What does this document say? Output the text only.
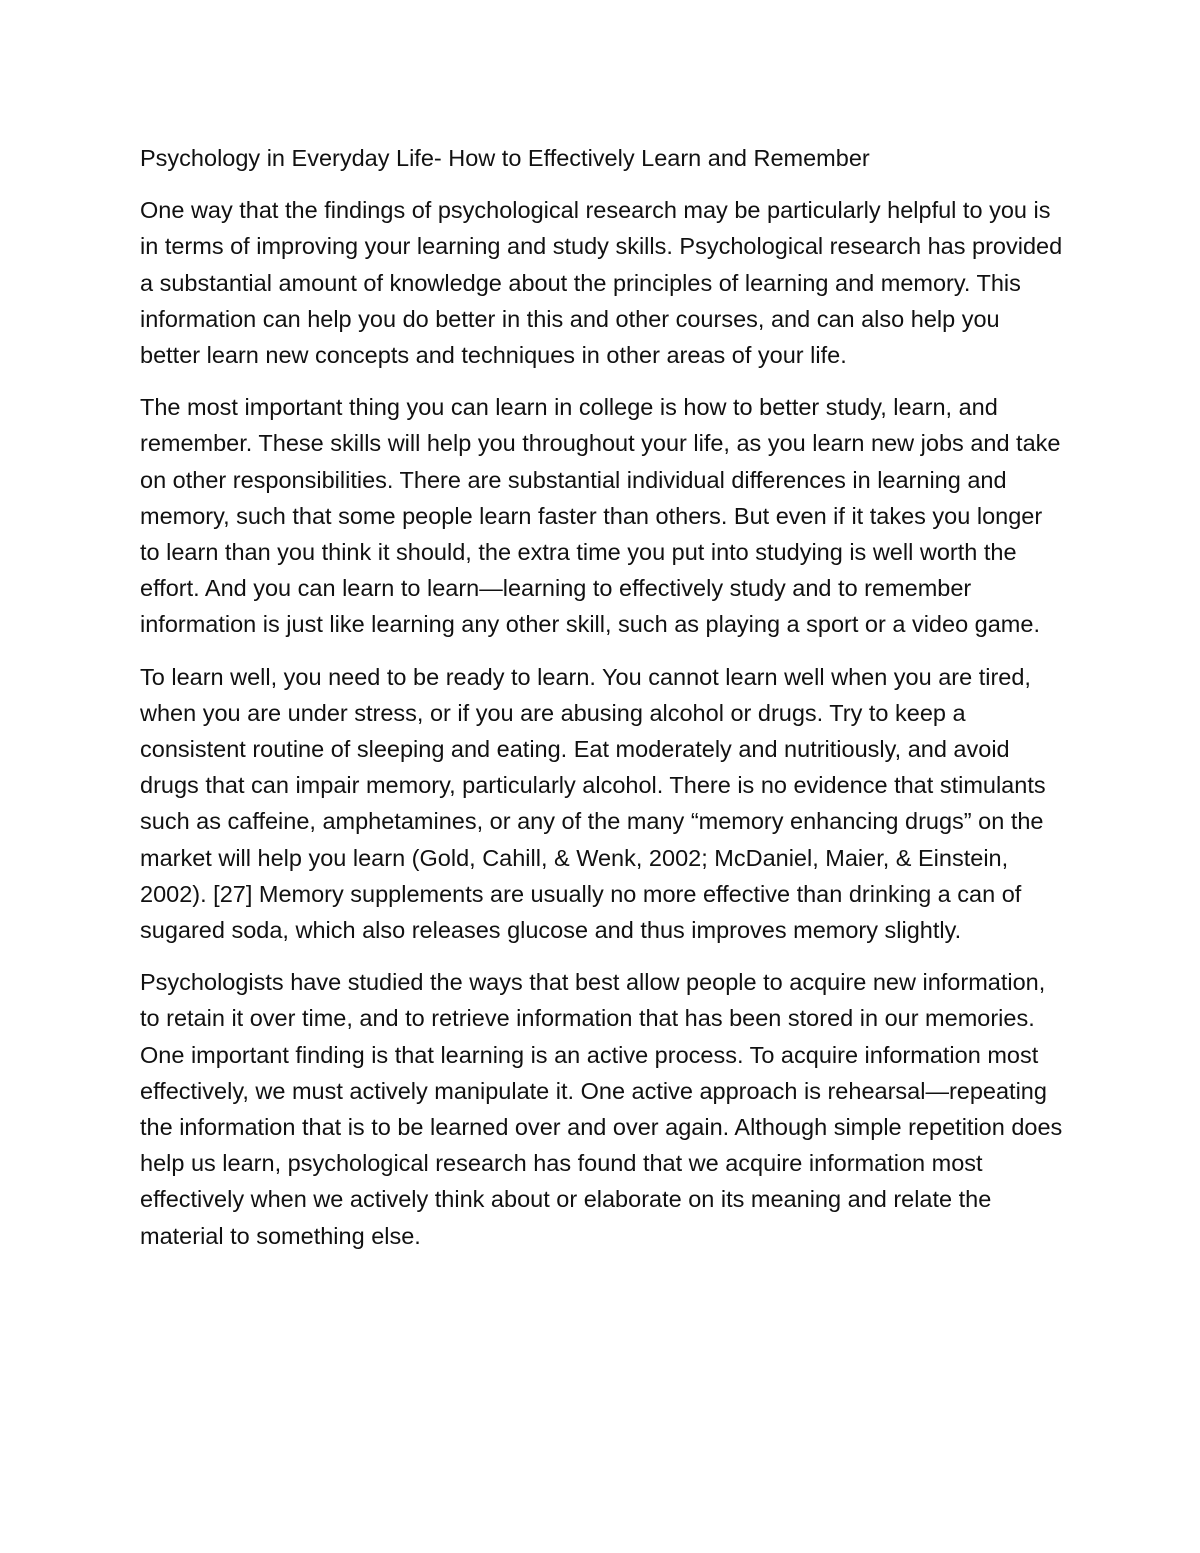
Psychology in Everyday Life- How to Effectively Learn and Remember

One way that the findings of psychological research may be particularly helpful to you is in terms of improving your learning and study skills. Psychological research has provided a substantial amount of knowledge about the principles of learning and memory. This information can help you do better in this and other courses, and can also help you better learn new concepts and techniques in other areas of your life.

The most important thing you can learn in college is how to better study, learn, and remember. These skills will help you throughout your life, as you learn new jobs and take on other responsibilities. There are substantial individual differences in learning and memory, such that some people learn faster than others. But even if it takes you longer to learn than you think it should, the extra time you put into studying is well worth the effort. And you can learn to learn—learning to effectively study and to remember information is just like learning any other skill, such as playing a sport or a video game.

To learn well, you need to be ready to learn. You cannot learn well when you are tired, when you are under stress, or if you are abusing alcohol or drugs. Try to keep a consistent routine of sleeping and eating. Eat moderately and nutritiously, and avoid drugs that can impair memory, particularly alcohol. There is no evidence that stimulants such as caffeine, amphetamines, or any of the many “memory enhancing drugs” on the market will help you learn (Gold, Cahill, & Wenk, 2002; McDaniel, Maier, & Einstein, 2002). [27] Memory supplements are usually no more effective than drinking a can of sugared soda, which also releases glucose and thus improves memory slightly.

Psychologists have studied the ways that best allow people to acquire new information, to retain it over time, and to retrieve information that has been stored in our memories. One important finding is that learning is an active process. To acquire information most effectively, we must actively manipulate it. One active approach is rehearsal—repeating the information that is to be learned over and over again. Although simple repetition does help us learn, psychological research has found that we acquire information most effectively when we actively think about or elaborate on its meaning and relate the material to something else.
